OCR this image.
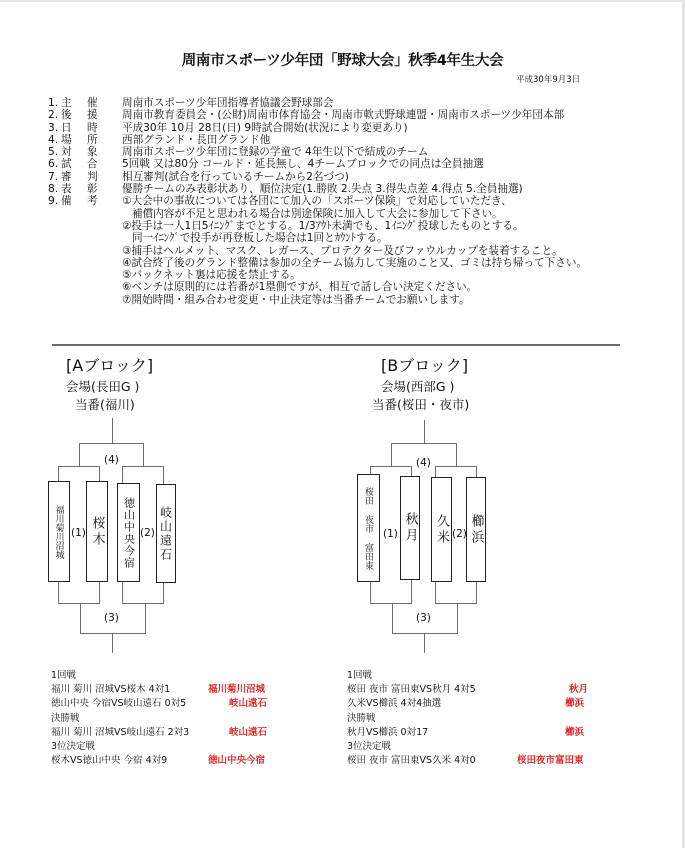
周南市スポーツ少年団「野球大会」秋季4年生大会
平成30年9月3日
1. 主 催	周南市スポーツ少年団指導者協議会野球部会
2. 後 援	周南市教育委員会・(公財)周南市体育協会・周南市軟式野球連盟・周南市スポーツ少年団本部
3. 日 時	平成30年 10月 28日(日) 9時試合開始(状況により変更あり)
4. 場 所	西部グランド・長田グランド他
5. 対 象	周南市スポーツ少年団に登録の学童で 4年生以下で結成のチーム
6. 試 合	5回戦 又は80分 コールド・延長無し、4チームブロックでの同点は全員抽選
7. 審 判	相互審判(試合を行っているチームから2名づつ)
8. 表 彰	優勝チームのみ表彰状あり、順位決定(1.勝敗 2.失点 3.得失点差 4.得点 5.全員抽選)
9. 備 考	①大会中の事故については各団にて加入の「スポーツ保険」で対応していただき、
補償内容が不足と思われる場合は別途保険に加入して大会に参加して下さい。
②投手は一人1日5ｲﾆﾝｸﾞまでとする。1/3ｱｳﾄ未満でも、1ｲﾆﾝｸﾞ投球したものとする。
同一ｲﾆﾝｸﾞで投手が再登板した場合は1回とｶｳﾝﾄする。
③捕手はヘルメット、マスク、レガース、プロテクター及びファウルカップを装着すること。
④試合終了後のグランド整備は参加の全チーム協力して実施のこと又、ゴミは持ち帰って下さい。
⑤バックネット裏は応援を禁止する。
⑥ベンチは原則的には若番が1塁側ですが、相互で話し合い決定ください。
⑦開始時間・組み合わせ変更・中止決定等は当番チームでお願いします。
[Aブロック]
会場(長田G )
当番(福川)
福川菊川沼城 桜木 徳山中央今宿 岐山遠石
(4)
(1)	(2)
(3)
[Bブロック]
会場(西部G )
当番(桜田・夜市)
桜田 夜市 富田東 秋月 久米 櫛浜
(4)
(1)	(2)
(3)
1回戦
福川 菊川 沼城VS桜木 4対1	福川菊川沼城
徳山中央 今宿VS岐山遠石 0対5	岐山遠石
決勝戦
福川 菊川 沼城VS岐山遠石 2対3	岐山遠石
3位決定戦
桜木VS徳山中央 今宿 4対9	徳山中央今宿
1回戦
桜田 夜市 富田東VS秋月 4対5	秋月
久米VS櫛浜 4対4抽選	櫛浜
決勝戦
秋月VS櫛浜 0対17	櫛浜
3位決定戦
桜田 夜市 富田東VS久米 4対0	桜田夜市富田東
